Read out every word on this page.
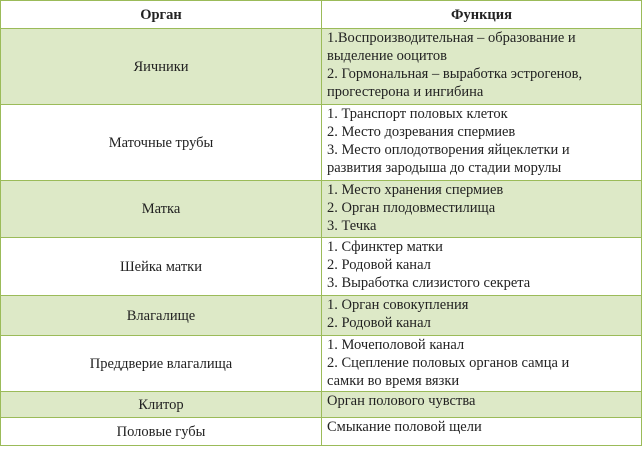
Орган	Функция
Яичники	1.Воспроизводительная – образование и
выделение ооцитов
2. Гормональная – выработка эстрогенов,
прогестерона и ингибина

Маточные трубы	1. Транспорт половых клеток
2. Место дозревания спермиев
3. Место оплодотворения яйцеклетки и
развития зародыша до стадии морулы

Матка	1. Место хранения спермиев
2. Орган плодовместилища
3. Течка

Шейка матки	1. Сфинктер матки
2. Родовой канал
3. Выработка слизистого секрета

Влагалище	1. Орган совокупления
2. Родовой канал

Преддверие влагалища	1. Мочеполовой канал
2. Сцепление половых органов самца и
самки во время вязки

Клитор	Орган полового чувства

Половые губы	Смыкание половой щели
